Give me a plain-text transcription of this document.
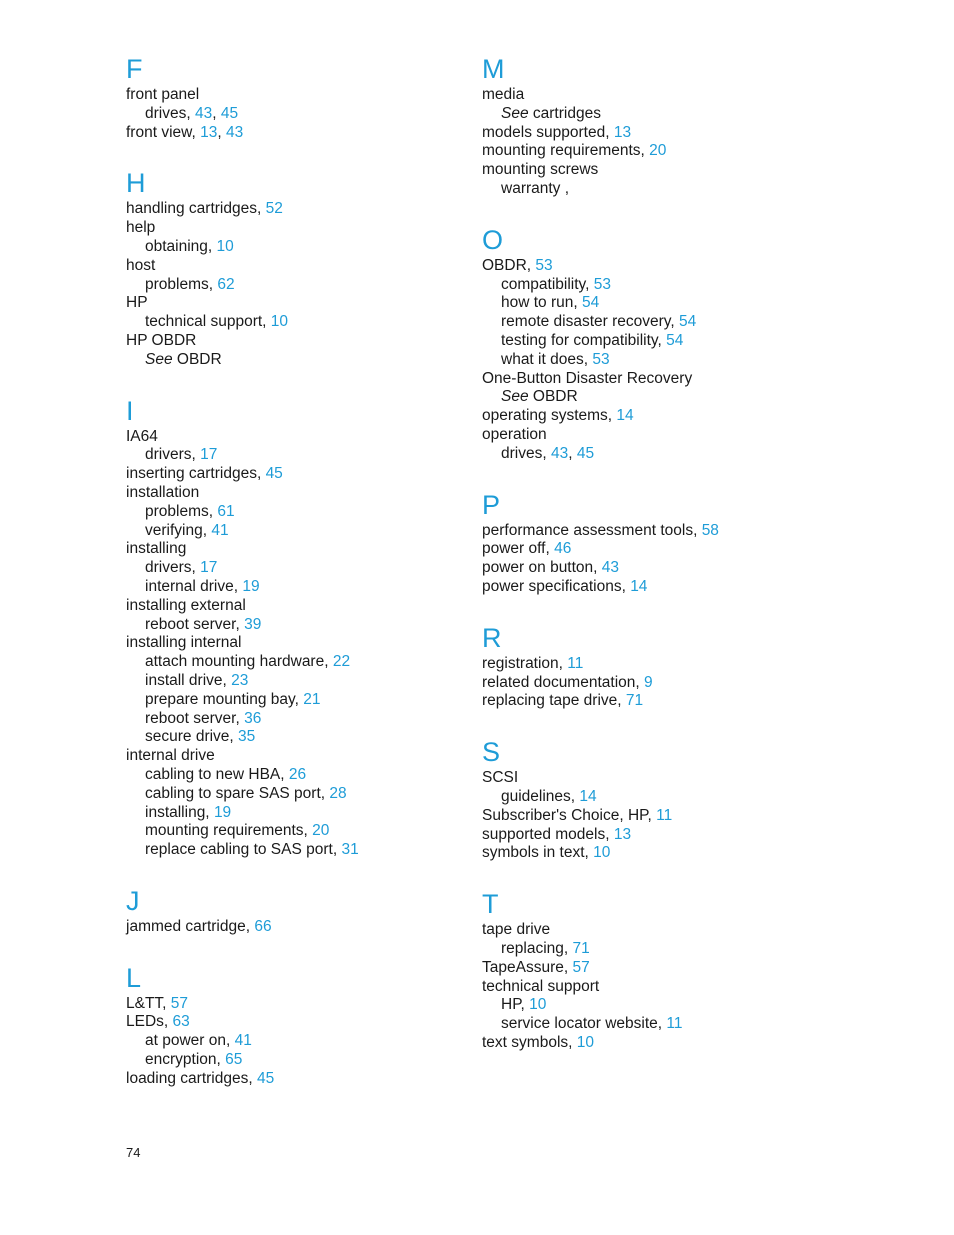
F
front panel
drives, 43, 45
front view, 13, 43
H
handling cartridges, 52
help
obtaining, 10
host
problems, 62
HP
technical support, 10
HP OBDR
See OBDR
I
IA64
drivers, 17
inserting cartridges, 45
installation
problems, 61
verifying, 41
installing
drivers, 17
internal drive, 19
installing external
reboot server, 39
installing internal
attach mounting hardware, 22
install drive, 23
prepare mounting bay, 21
reboot server, 36
secure drive, 35
internal drive
cabling to new HBA, 26
cabling to spare SAS port, 28
installing, 19
mounting requirements, 20
replace cabling to SAS port, 31
J
jammed cartridge, 66
L
L&TT, 57
LEDs, 63
at power on, 41
encryption, 65
loading cartridges, 45
M
media
See cartridges
models supported, 13
mounting requirements, 20
mounting screws
warranty ,
O
OBDR, 53
compatibility, 53
how to run, 54
remote disaster recovery, 54
testing for compatibility, 54
what it does, 53
One-Button Disaster Recovery
See OBDR
operating systems, 14
operation
drives, 43, 45
P
performance assessment tools, 58
power off, 46
power on button, 43
power specifications, 14
R
registration, 11
related documentation, 9
replacing tape drive, 71
S
SCSI
guidelines, 14
Subscriber's Choice, HP, 11
supported models, 13
symbols in text, 10
T
tape drive
replacing, 71
TapeAssure, 57
technical support
HP, 10
service locator website, 11
text symbols, 10
74
